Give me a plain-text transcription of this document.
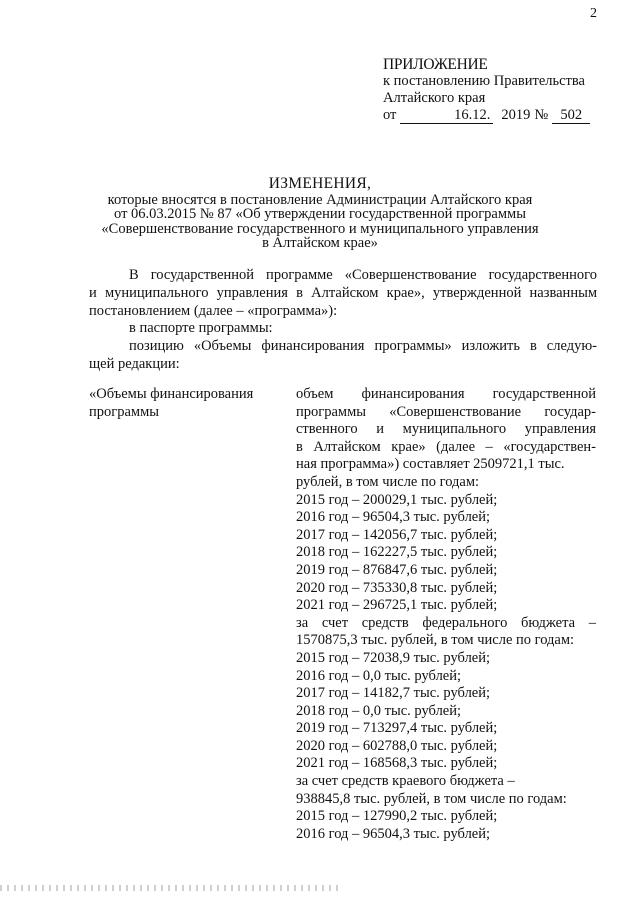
2
ПРИЛОЖЕНИЕ
к постановлению Правительства
Алтайского края
от	16.12. 2019 № 502
ИЗМЕНЕНИЯ,
которые вносятся в постановление Администрации Алтайского края
от 06.03.2015 № 87 «Об утверждении государственной программы
«Совершенствование государственного и муниципального управления
в Алтайском крае»
В государственной программе «Совершенствование государственного
и муниципального управления в Алтайском крае», утвержденной названным
постановлением (далее – «программа»):
в паспорте программы:
позицию «Объемы финансирования программы» изложить в следую-
щей редакции:
«Объемы финансирования
программы
объем финансирования государственной
программы «Совершенствование государ-
ственного и муниципального управления
в Алтайском крае» (далее – «государствен-
ная программа») составляет 2509721,1 тыс.
рублей, в том числе по годам:
2015 год – 200029,1 тыс. рублей;
2016 год – 96504,3 тыс. рублей;
2017 год – 142056,7 тыс. рублей;
2018 год – 162227,5 тыс. рублей;
2019 год – 876847,6 тыс. рублей;
2020 год – 735330,8 тыс. рублей;
2021 год – 296725,1 тыс. рублей;
за счет средств федерального бюджета –
1570875,3 тыс. рублей, в том числе по годам:
2015 год – 72038,9 тыс. рублей;
2016 год – 0,0 тыс. рублей;
2017 год – 14182,7 тыс. рублей;
2018 год – 0,0 тыс. рублей;
2019 год – 713297,4 тыс. рублей;
2020 год – 602788,0 тыс. рублей;
2021 год – 168568,3 тыс. рублей;
за счет средств краевого бюджета –
938845,8 тыс. рублей, в том числе по годам:
2015 год – 127990,2 тыс. рублей;
2016 год – 96504,3 тыс. рублей;
